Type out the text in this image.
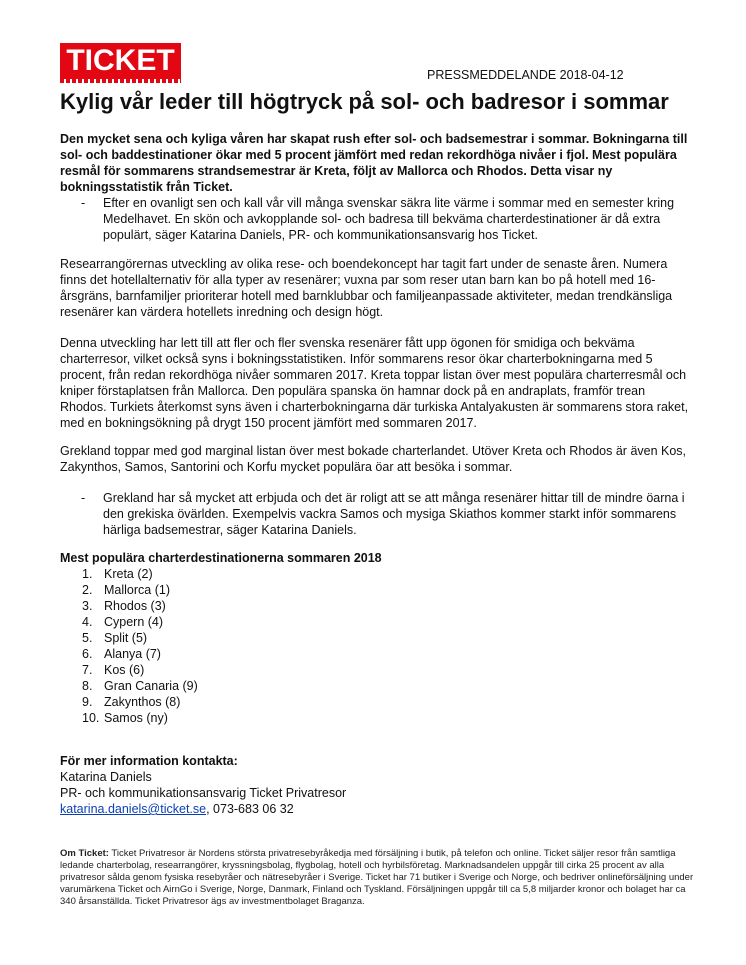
TICKET	PRESSMEDDELANDE 2018-04-12
Kylig vår leder till högtryck på sol- och badresor i sommar

Den mycket sena och kyliga våren har skapat rush efter sol- och badsemestrar i sommar. Bokningarna till sol- och baddestinationer ökar med 5 procent jämfört med redan rekordhöga nivåer i fjol. Mest populära resmål för sommarens strandsemestrar är Kreta, följt av Mallorca och Rhodos. Detta visar ny bokningsstatistik från Ticket.

- Efter en ovanligt sen och kall vår vill många svenskar säkra lite värme i sommar med en semester kring Medelhavet. En skön och avkopplande sol- och badresa till bekväma charterdestinationer är då extra populärt, säger Katarina Daniels, PR- och kommunikationsansvarig hos Ticket.

Researrangörernas utveckling av olika rese- och boendekoncept har tagit fart under de senaste åren. Numera finns det hotellalternativ för alla typer av resenärer; vuxna par som reser utan barn kan bo på hotell med 16-årsgräns, barnfamiljer prioriterar hotell med barnklubbar och familjeanpassade aktiviteter, medan trendkänsliga resenärer kan värdera hotellets inredning och design högt.

Denna utveckling har lett till att fler och fler svenska resenärer fått upp ögonen för smidiga och bekväma charterresor, vilket också syns i bokningsstatistiken. Inför sommarens resor ökar charterbokningarna med 5 procent, från redan rekordhöga nivåer sommaren 2017. Kreta toppar listan över mest populära charterresmål och kniper förstaplatsen från Mallorca. Den populära spanska ön hamnar dock på en andraplats, framför trean Rhodos. Turkiets återkomst syns även i charterbokningarna där turkiska Antalyakusten är sommarens stora raket, med en bokningsökning på drygt 150 procent jämfört med sommaren 2017.

Grekland toppar med god marginal listan över mest bokade charterlandet. Utöver Kreta och Rhodos är även Kos, Zakynthos, Samos, Santorini och Korfu mycket populära öar att besöka i sommar.

- Grekland har så mycket att erbjuda och det är roligt att se att många resenärer hittar till de mindre öarna i den grekiska övärlden. Exempelvis vackra Samos och mysiga Skiathos kommer starkt inför sommarens härliga badsemestrar, säger Katarina Daniels.

Mest populära charterdestinationerna sommaren 2018

1. Kreta (2)
2. Mallorca (1)
3. Rhodos (3)
4. Cypern (4)
5. Split (5)
6. Alanya (7)
7. Kos (6)
8. Gran Canaria (9)
9. Zakynthos (8)
10. Samos (ny)

För mer information kontakta:

Katarina Daniels

PR- och kommunikationsansvarig Ticket Privatresor

katarina.daniels@ticket.se, 073-683 06 32

Om Ticket: Ticket Privatresor är Nordens största privatresebyråkedja med försäljning i butik, på telefon och online. Ticket säljer resor från samtliga ledande charterbolag, researrangörer, kryssningsbolag, flygbolag, hotell och hyrbilsföretag. Marknadsandelen uppgår till cirka 25 procent av alla privatresor sålda genom fysiska resebyråer och nätresebyråer i Sverige. Ticket har 71 butiker i Sverige och Norge, och bedriver onlineförsäljning under varumärkena Ticket och AirnGo i Sverige, Norge, Danmark, Finland och Tyskland. Försäljningen uppgår till ca 5,8 miljarder kronor och bolaget har ca 340 årsanställda. Ticket Privatresor ägs av investmentbolaget Braganza.
